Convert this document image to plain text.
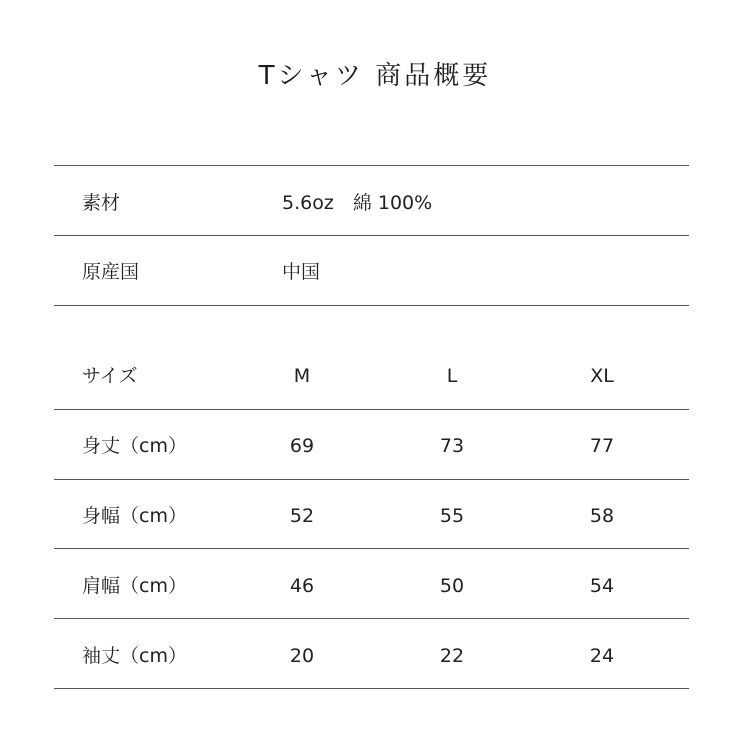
Tシャツ 商品概要
素材	5.6oz　綿 100%
原産国	中国
サイズ	M	L	XL
身丈（cm）	69	73	77
身幅（cm）	52	55	58
肩幅（cm）	46	50	54
袖丈（cm）	20	22	24
